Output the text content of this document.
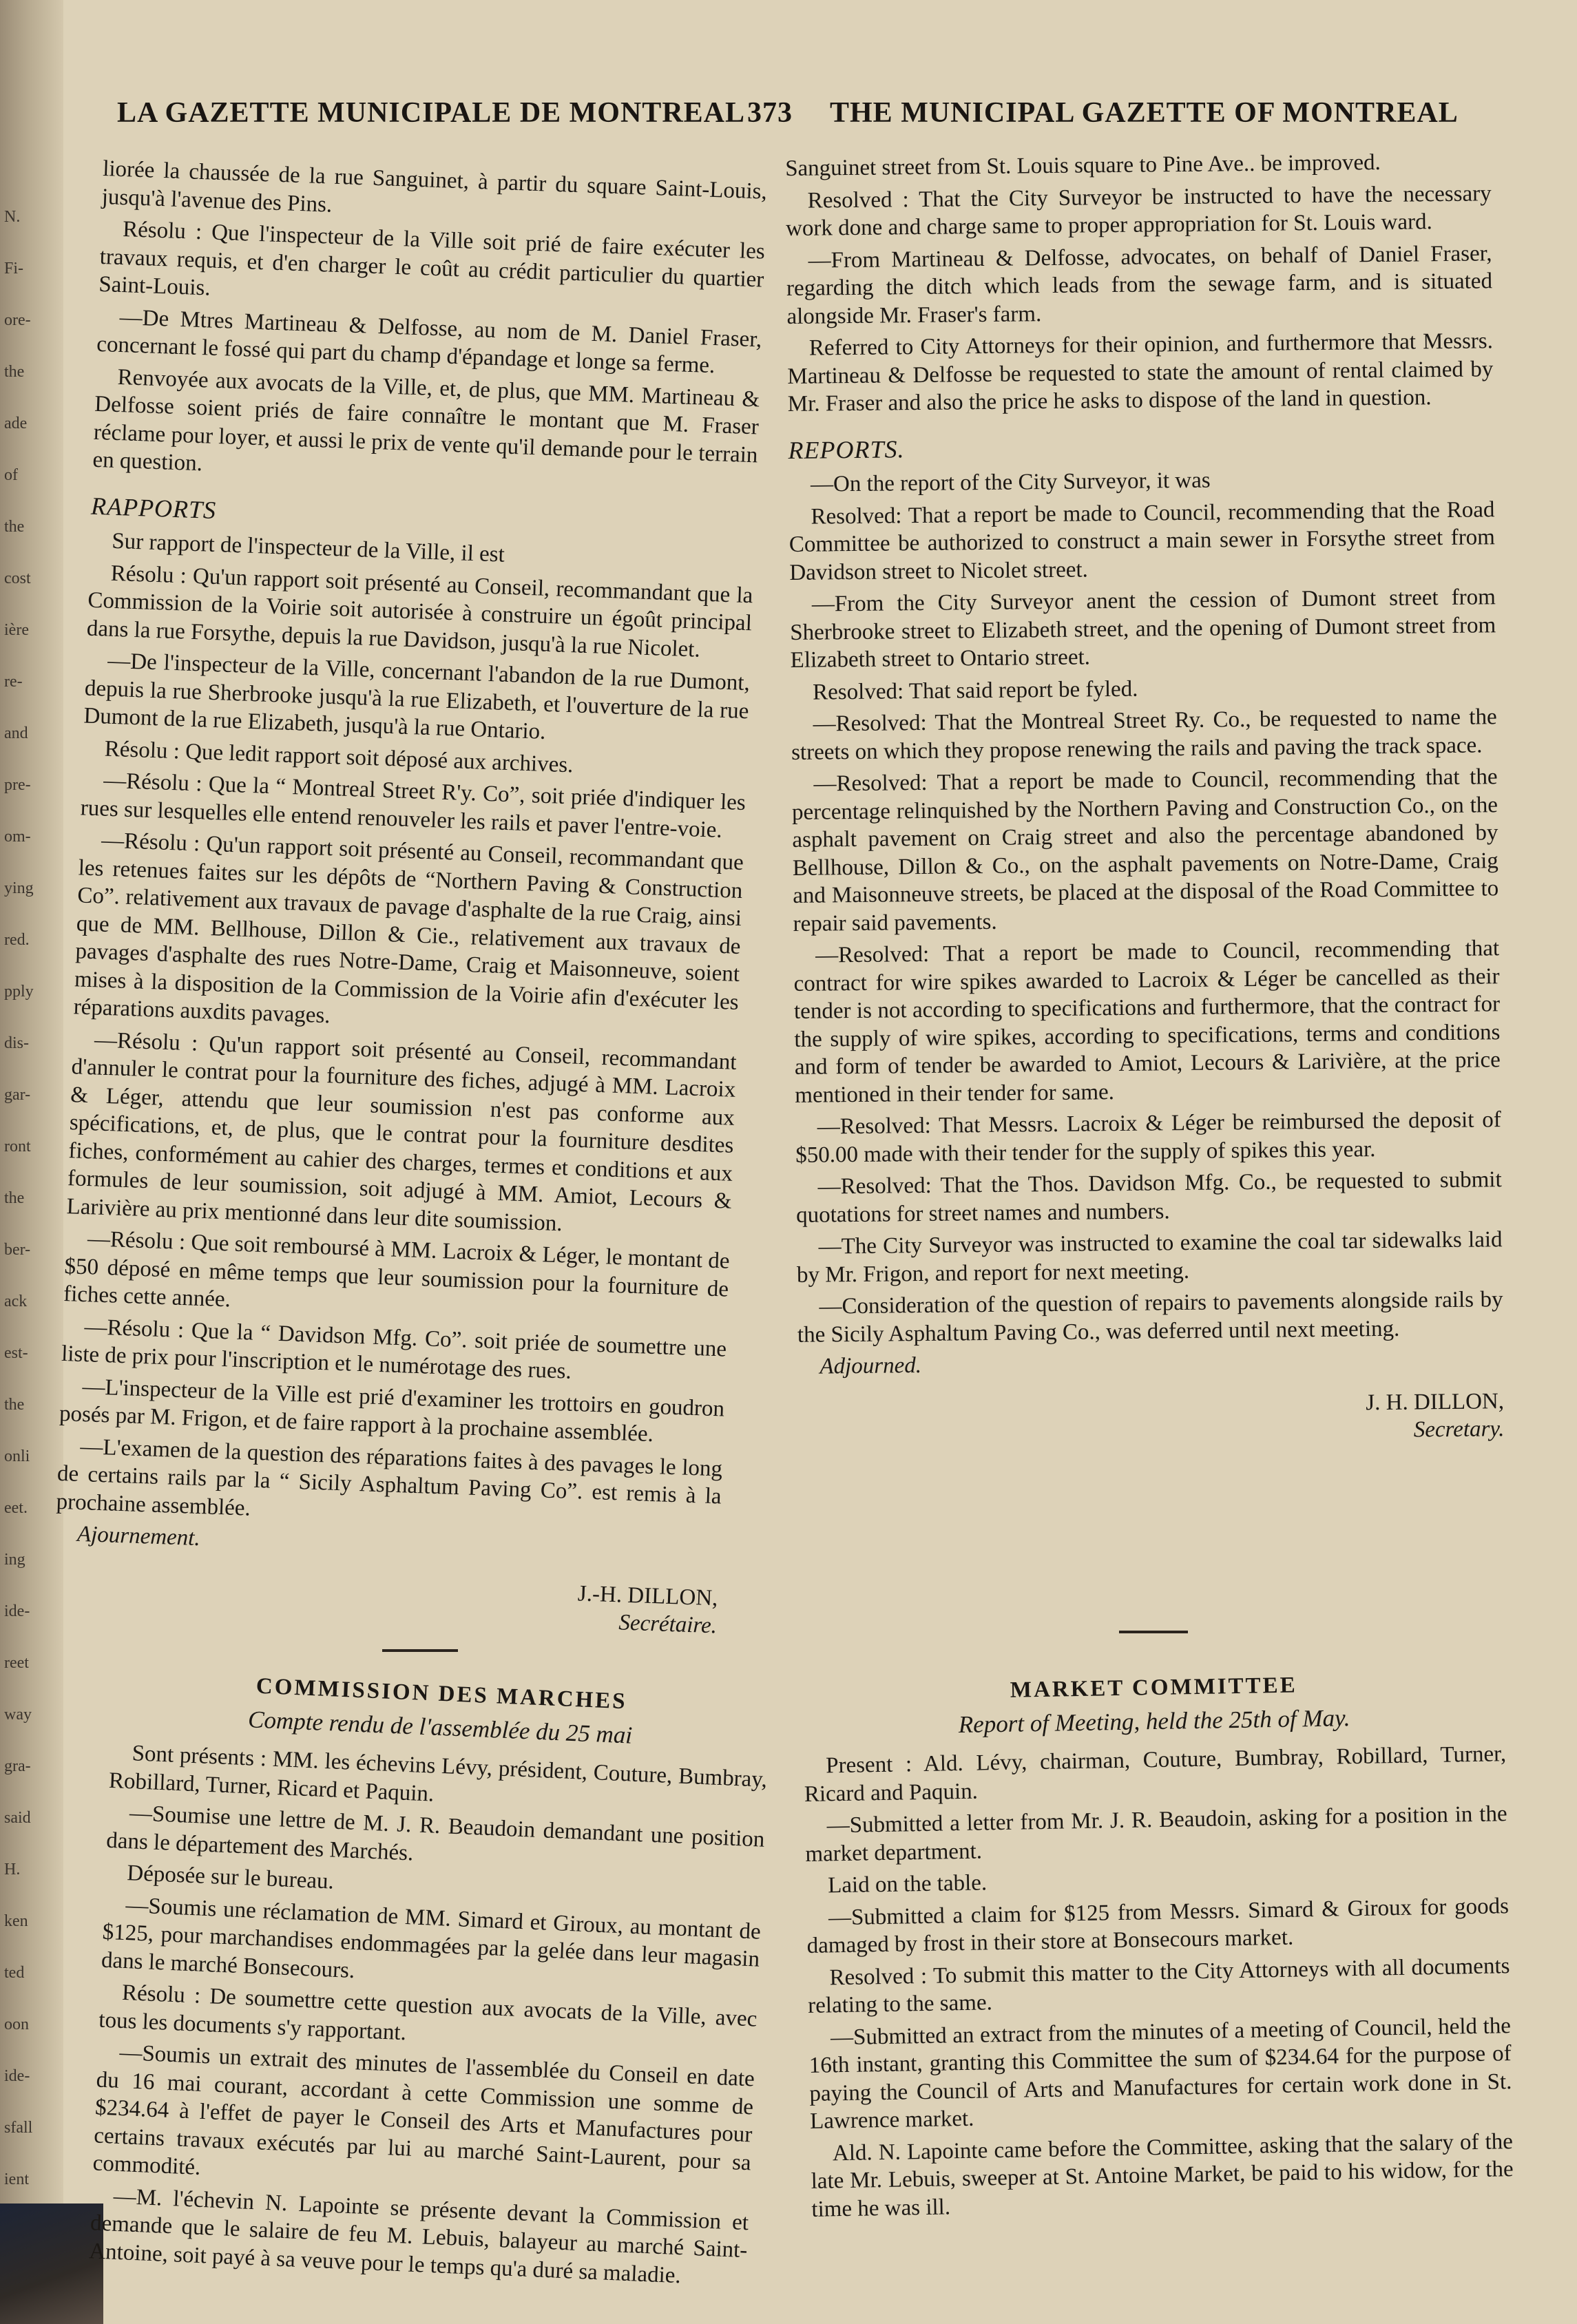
N.
Fi-
ore-
the
ade
of
the
cost
ière
re-
and
pre-
om-
ying
red.
pply
dis-
gar-
ront
the
ber-
ack
est-
the
onli
eet.
ing
ide-
reet
way
gra-
said
H.
ken
ted
oon
ide-
sfall
ient
LA GAZETTE MUNICIPALE DE MONTREAL 373 THE MUNICIPAL GAZETTE OF MONTREAL

liorée la chaussée de la rue Sanguinet, à partir du square Saint-Louis, jusqu'à l'avenue des Pins.

Résolu : Que l'inspecteur de la Ville soit prié de faire exécuter les travaux requis, et d'en charger le coût au crédit particulier du quartier Saint-Louis.

—De Mtres Martineau & Delfosse, au nom de M. Daniel Fraser, concernant le fossé qui part du champ d'épandage et longe sa ferme.

Renvoyée aux avocats de la Ville, et, de plus, que MM. Martineau & Delfosse soient priés de faire connaître le montant que M. Fraser réclame pour loyer, et aussi le prix de vente qu'il demande pour le terrain en question.

RAPPORTS

Sur rapport de l'inspecteur de la Ville, il est

Résolu : Qu'un rapport soit présenté au Conseil, recommandant que la Commission de la Voirie soit autorisée à construire un égoût principal dans la rue Forsythe, depuis la rue Davidson, jusqu'à la rue Nicolet.

—De l'inspecteur de la Ville, concernant l'abandon de la rue Dumont, depuis la rue Sherbrooke jusqu'à la rue Elizabeth, et l'ouverture de la rue Dumont de la rue Elizabeth, jusqu'à la rue Ontario.

Résolu : Que ledit rapport soit déposé aux archives.

—Résolu : Que la “ Montreal Street R'y. Co”, soit priée d'indiquer les rues sur lesquelles elle entend renouveler les rails et paver l'entre-voie.

—Résolu : Qu'un rapport soit présenté au Conseil, recommandant que les retenues faites sur les dépôts de “Northern Paving & Construction Co”. relativement aux travaux de pavage d'asphalte de la rue Craig, ainsi que de MM. Bellhouse, Dillon & Cie., relativement aux travaux de pavages d'asphalte des rues Notre-Dame, Craig et Maisonneuve, soient mises à la disposition de la Commission de la Voirie afin d'exécuter les réparations auxdits pavages.

—Résolu : Qu'un rapport soit présenté au Conseil, recommandant d'annuler le contrat pour la fourniture des fiches, adjugé à MM. Lacroix & Léger, attendu que leur soumission n'est pas conforme aux spécifications, et, de plus, que le contrat pour la fourniture desdites fiches, conformément au cahier des charges, termes et conditions et aux formules de leur soumission, soit adjugé à MM. Amiot, Lecours & Larivière au prix mentionné dans leur dite soumission.

—Résolu : Que soit remboursé à MM. Lacroix & Léger, le montant de $50 déposé en même temps que leur soumission pour la fourniture de fiches cette année.

—Résolu : Que la “ Davidson Mfg. Co”. soit priée de soumettre une liste de prix pour l'inscription et le numérotage des rues.

—L'inspecteur de la Ville est prié d'examiner les trottoirs en goudron posés par M. Frigon, et de faire rapport à la prochaine assemblée.

—L'examen de la question des réparations faites à des pavages le long de certains rails par la “ Sicily Asphaltum Paving Co”. est remis à la prochaine assemblée.

Ajournement.

J.-H. DILLON,
Secrétaire.

Sanguinet street from St. Louis square to Pine Ave.. be improved.

Resolved : That the City Surveyor be instructed to have the necessary work done and charge same to proper appropriation for St. Louis ward.

—From Martineau & Delfosse, advocates, on behalf of Daniel Fraser, regarding the ditch which leads from the sewage farm, and is situated alongside Mr. Fraser's farm.

Referred to City Attorneys for their opinion, and furthermore that Messrs. Martineau & Delfosse be requested to state the amount of rental claimed by Mr. Fraser and also the price he asks to dispose of the land in question.

REPORTS.

—On the report of the City Surveyor, it was

Resolved: That a report be made to Council, recommending that the Road Committee be authorized to construct a main sewer in Forsythe street from Davidson street to Nicolet street.

—From the City Surveyor anent the cession of Dumont street from Sherbrooke street to Elizabeth street, and the opening of Dumont street from Elizabeth street to Ontario street.

Resolved: That said report be fyled.

—Resolved: That the Montreal Street Ry. Co., be requested to name the streets on which they propose renewing the rails and paving the track space.

—Resolved: That a report be made to Council, recommending that the percentage relinquished by the Northern Paving and Construction Co., on the asphalt pavement on Craig street and also the percentage abandoned by Bellhouse, Dillon & Co., on the asphalt pavements on Notre-Dame, Craig and Maisonneuve streets, be placed at the disposal of the Road Committee to repair said pavements.

—Resolved: That a report be made to Council, recommending that contract for wire spikes awarded to Lacroix & Léger be cancelled as their tender is not according to specifications and furthermore, that the contract for the supply of wire spikes, according to specifications, terms and conditions and form of tender be awarded to Amiot, Lecours & Larivière, at the price mentioned in their tender for same.

—Resolved: That Messrs. Lacroix & Léger be reimbursed the deposit of $50.00 made with their tender for the supply of spikes this year.

—Resolved: That the Thos. Davidson Mfg. Co., be requested to submit quotations for street names and numbers.

—The City Surveyor was instructed to examine the coal tar sidewalks laid by Mr. Frigon, and report for next meeting.

—Consideration of the question of repairs to pavements alongside rails by the Sicily Asphaltum Paving Co., was deferred until next meeting.

Adjourned.

J. H. DILLON,
Secretary.
COMMISSION DES MARCHES
Compte rendu de l'assemblée du 25 mai

Sont présents : MM. les échevins Lévy, président, Couture, Bumbray, Robillard, Turner, Ricard et Paquin.

—Soumise une lettre de M. J. R. Beaudoin demandant une position dans le département des Marchés.

Déposée sur le bureau.

—Soumis une réclamation de MM. Simard et Giroux, au montant de $125, pour marchandises endommagées par la gelée dans leur magasin dans le marché Bonsecours.

Résolu : De soumettre cette question aux avocats de la Ville, avec tous les documents s'y rapportant.

—Soumis un extrait des minutes de l'assemblée du Conseil en date du 16 mai courant, accordant à cette Commission une somme de $234.64 à l'effet de payer le Conseil des Arts et Manufactures pour certains travaux exécutés par lui au marché Saint-Laurent, pour sa commodité.

—M. l'échevin N. Lapointe se présente devant la Commission et demande que le salaire de feu M. Lebuis, balayeur au marché Saint-Antoine, soit payé à sa veuve pour le temps qu'a duré sa maladie.

MARKET COMMITTEE
Report of Meeting, held the 25th of May.

Present : Ald. Lévy, chairman, Couture, Bumbray, Robillard, Turner, Ricard and Paquin.

—Submitted a letter from Mr. J. R. Beaudoin, asking for a position in the market department.

Laid on the table.

—Submitted a claim for $125 from Messrs. Simard & Giroux for goods damaged by frost in their store at Bonsecours market.

Resolved : To submit this matter to the City Attorneys with all documents relating to the same.

—Submitted an extract from the minutes of a meeting of Council, held the 16th instant, granting this Committee the sum of $234.64 for the purpose of paying the Council of Arts and Manufactures for certain work done in St. Lawrence market.

Ald. N. Lapointe came before the Committee, asking that the salary of the late Mr. Lebuis, sweeper at St. Antoine Market, be paid to his widow, for the time he was ill.
